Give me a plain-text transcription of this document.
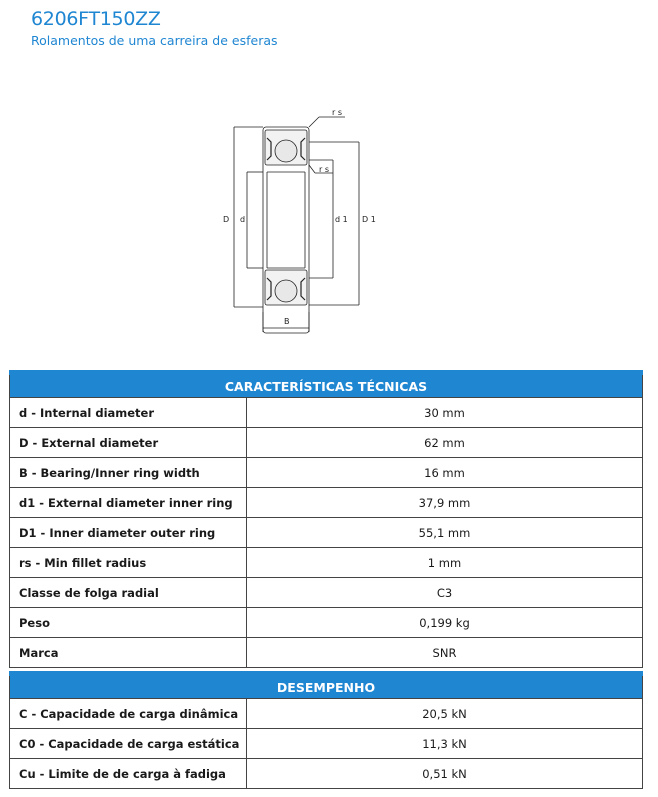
6206FT150ZZ
Rolamentos de uma carreira de esferas
r s
r s
D d	d 1 D 1
B
CARACTERÍSTICAS TÉCNICAS	
d - Internal diameter	30 mm
D - External diameter	62 mm
B - Bearing/Inner ring width	16 mm
d1 - External diameter inner ring	37,9 mm
D1 - Inner diameter outer ring	55,1 mm
rs - Min fillet radius	1 mm
Classe de folga radial	C3
Peso	0,199 kg
Marca	SNR
DESEMPENHO	
C - Capacidade de carga dinâmica	20,5 kN
C0 - Capacidade de carga estática	11,3 kN
Cu - Limite de de carga à fadiga	0,51 kN
